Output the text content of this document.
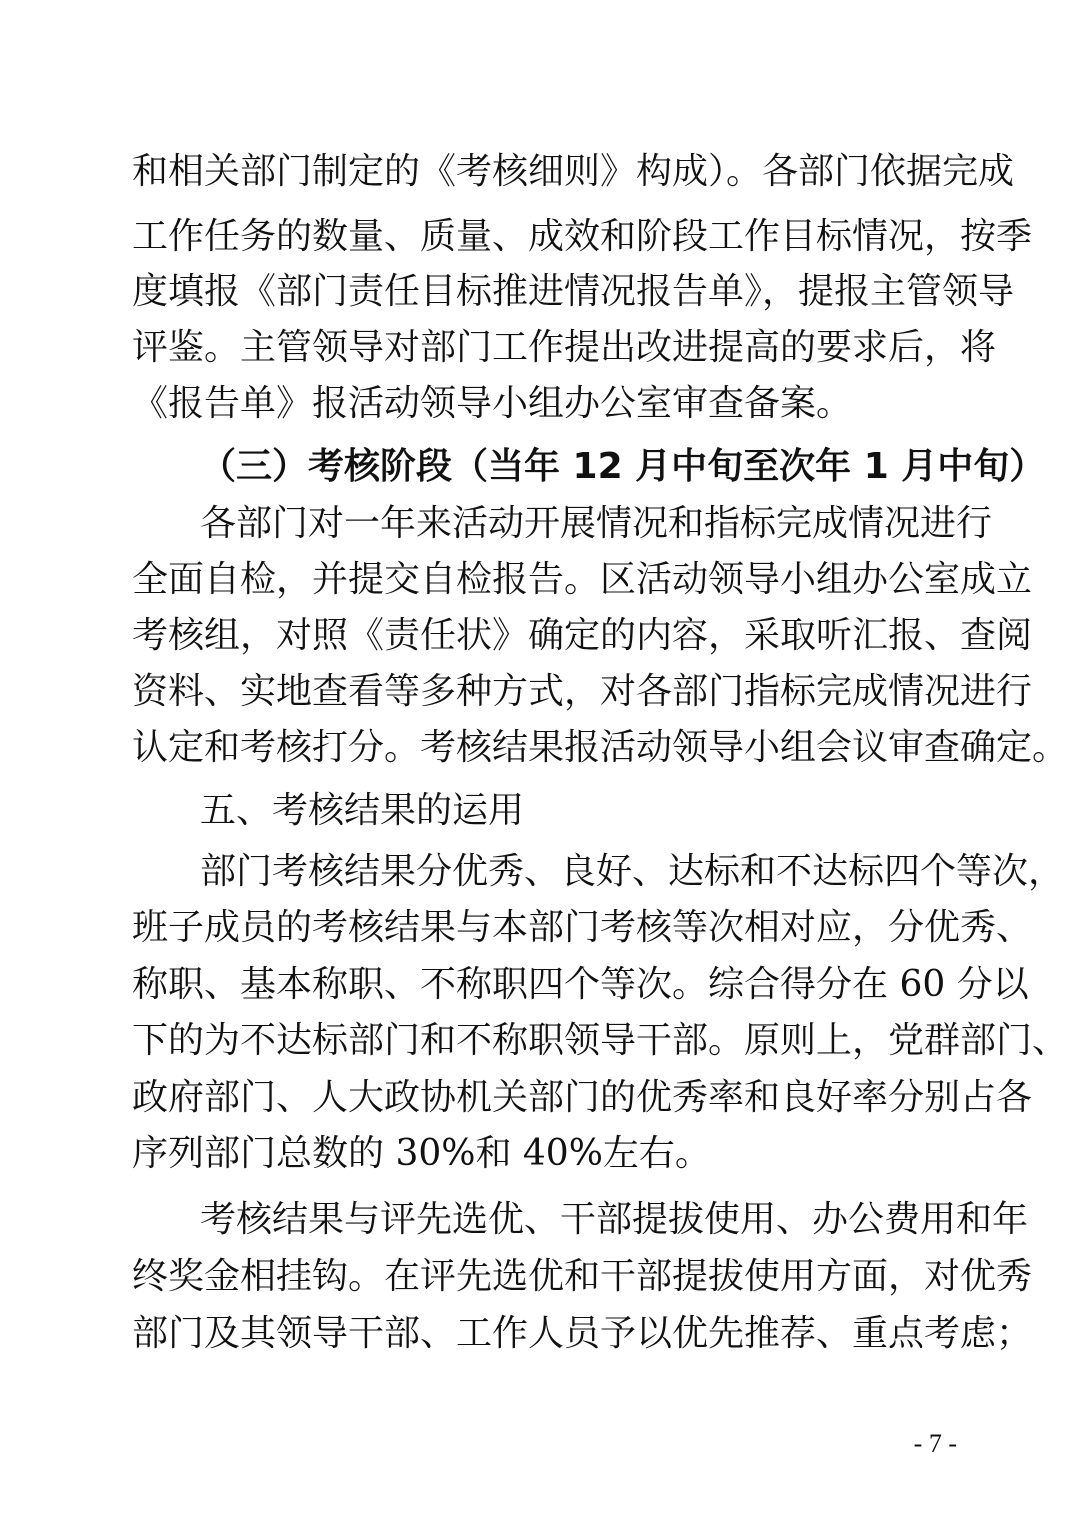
和相关部门制定的《考核细则》构成）。各部门依据完成
工作任务的数量、质量、成效和阶段工作目标情况，按季
度填报《部门责任目标推进情况报告单》，提报主管领导
评鉴。主管领导对部门工作提出改进提高的要求后，将
《报告单》报活动领导小组办公室审查备案。
（三）考核阶段（当年 12 月中旬至次年 1 月中旬）
各部门对一年来活动开展情况和指标完成情况进行
全面自检，并提交自检报告。区活动领导小组办公室成立
考核组，对照《责任状》确定的内容，采取听汇报、查阅
资料、实地查看等多种方式，对各部门指标完成情况进行
认定和考核打分。考核结果报活动领导小组会议审查确定。
五、考核结果的运用
部门考核结果分优秀、良好、达标和不达标四个等次，
班子成员的考核结果与本部门考核等次相对应，分优秀、
称职、基本称职、不称职四个等次。综合得分在 60 分以
下的为不达标部门和不称职领导干部。原则上，党群部门、
政府部门、人大政协机关部门的优秀率和良好率分别占各
序列部门总数的 30%和 40%左右。
考核结果与评先选优、干部提拔使用、办公费用和年
终奖金相挂钩。在评先选优和干部提拔使用方面，对优秀
部门及其领导干部、工作人员予以优先推荐、重点考虑；
- 7 -
